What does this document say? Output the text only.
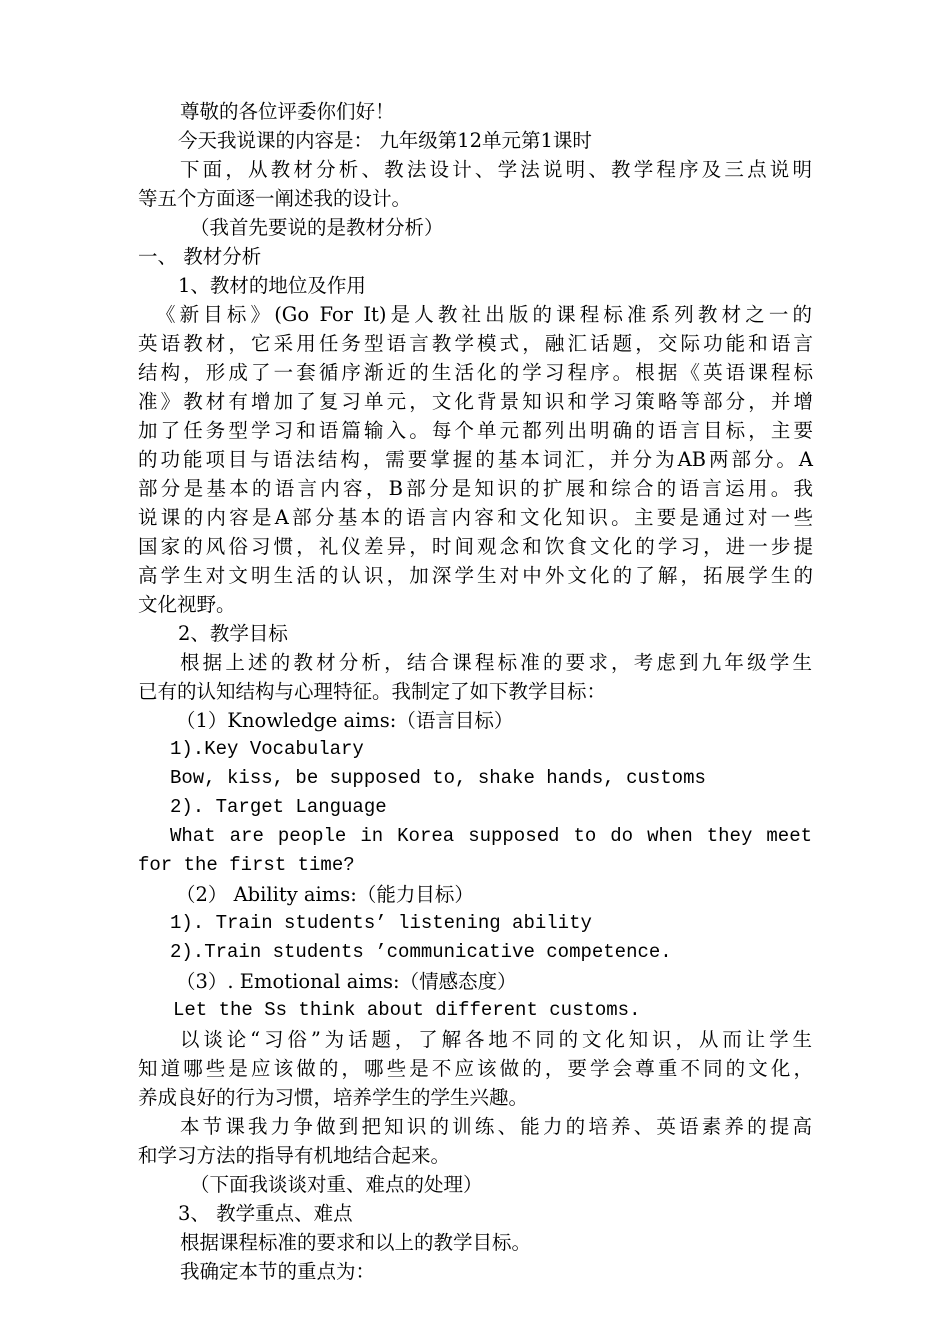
尊敬的各位评委你们好！
今天我说课的内容是： 九年级第12单元第1课时
下面，从教材分析、教法设计、学法说明、教学程序及三点说明
等五个方面逐一阐述我的设计。
（我首先要说的是教材分析）
一、 教材分析
1、教材的地位及作用
《新目标》(Go For It)是人教社出版的课程标准系列教材之一的
英语教材，它采用任务型语言教学模式，融汇话题，交际功能和语言
结构，形成了一套循序渐近的生活化的学习程序。根据《英语课程标
准》教材有增加了复习单元，文化背景知识和学习策略等部分，并增
加了任务型学习和语篇输入。每个单元都列出明确的语言目标，主要
的功能项目与语法结构，需要掌握的基本词汇，并分为AB两部分。A
部分是基本的语言内容，B部分是知识的扩展和综合的语言运用。我
说课的内容是A部分基本的语言内容和文化知识。主要是通过对一些
国家的风俗习惯，礼仪差异，时间观念和饮食文化的学习，进一步提
高学生对文明生活的认识，加深学生对中外文化的了解，拓展学生的
文化视野。
2、教学目标
根据上述的教材分析，结合课程标准的要求，考虑到九年级学生
已有的认知结构与心理特征。我制定了如下教学目标：
（1）Knowledge aims:（语言目标）
1).Key Vocabulary
Bow, kiss, be supposed to, shake hands, customs
2). Target Language
What are people in Korea supposed to do when they meet
for the first time?
（2） Ability aims:（能力目标）
1). Train students’ listening ability
2).Train students ’communicative competence.
（3）. Emotional aims:（情感态度）
Let the Ss think about different customs.
以谈论“习俗”为话题，了解各地不同的文化知识，从而让学生
知道哪些是应该做的，哪些是不应该做的，要学会尊重不同的文化，
养成良好的行为习惯，培养学生的学生兴趣。
本节课我力争做到把知识的训练、能力的培养、英语素养的提高
和学习方法的指导有机地结合起来。
（下面我谈谈对重、难点的处理）
3、 教学重点、难点
根据课程标准的要求和以上的教学目标。
我确定本节的重点为：
